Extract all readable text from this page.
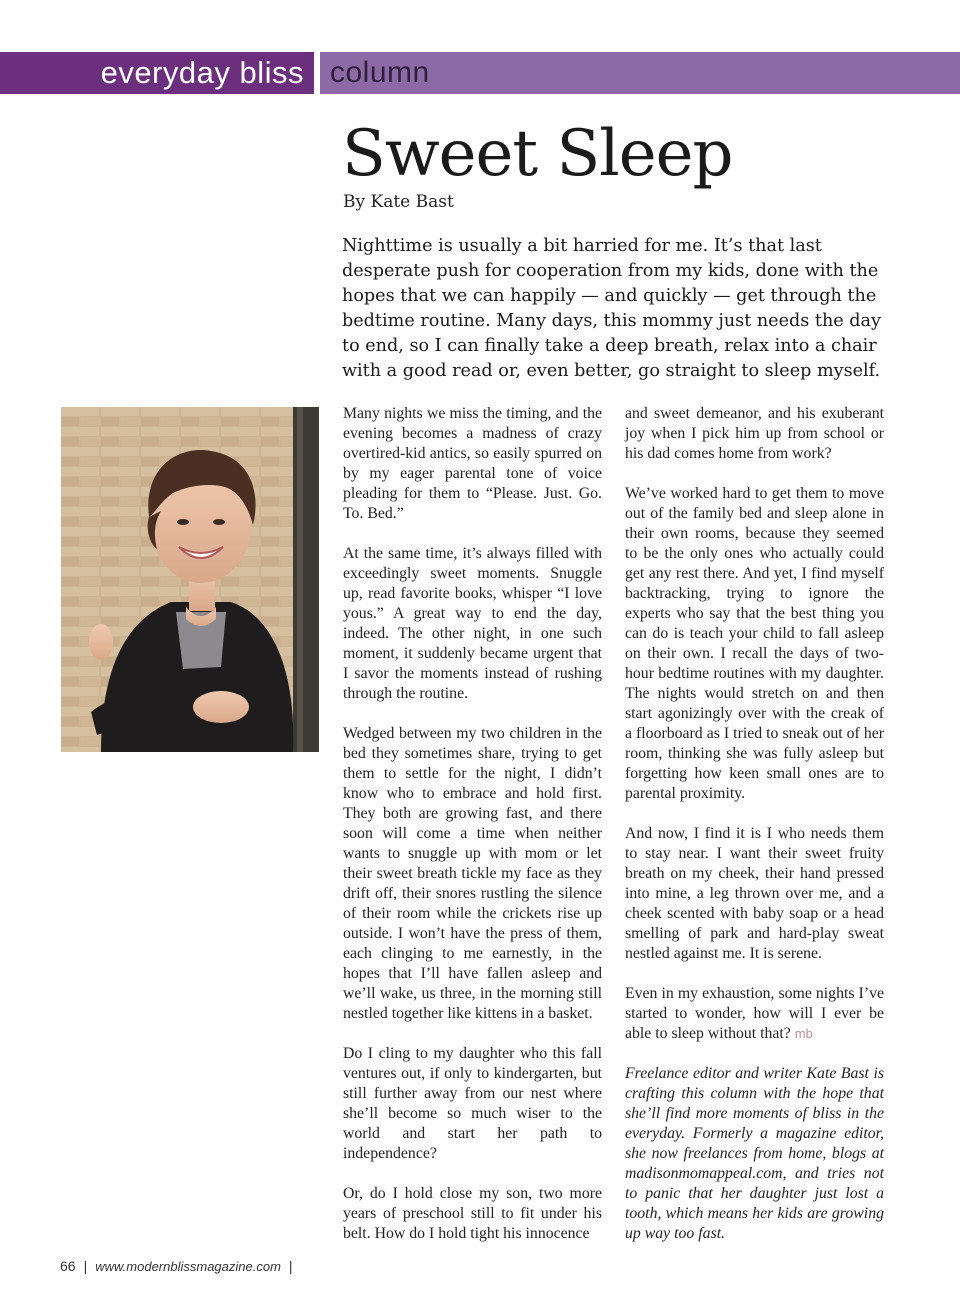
everyday bliss column
Sweet Sleep
By Kate Bast

Nighttime is usually a bit harried for me. It’s that last desperate push for cooperation from my kids, done with the hopes that we can happily — and quickly — get through the bedtime routine. Many days, this mommy just needs the day to end, so I can finally take a deep breath, relax into a chair with a good read or, even better, go straight to sleep myself.

Many nights we miss the timing, and the evening becomes a madness of crazy overtired-kid antics, so easily spurred on by my eager parental tone of voice pleading for them to “Please. Just. Go. To. Bed.”

At the same time, it’s always filled with exceedingly sweet moments. Snuggle up, read favorite books, whisper “I love yous.” A great way to end the day, indeed. The other night, in one such moment, it suddenly became urgent that I savor the moments instead of rushing through the routine.

Wedged between my two children in the bed they sometimes share, trying to get them to settle for the night, I didn’t know who to embrace and hold first. They both are growing fast, and there soon will come a time when neither wants to snuggle up with mom or let their sweet breath tickle my face as they drift off, their snores rustling the silence of their room while the crickets rise up outside. I won’t have the press of them, each clinging to me earnestly, in the hopes that I’ll have fallen asleep and we’ll wake, us three, in the morning still nestled together like kittens in a basket.

Do I cling to my daughter who this fall ventures out, if only to kindergarten, but still further away from our nest where she’ll become so much wiser to the world and start her path to independence?

Or, do I hold close my son, two more years of preschool still to fit under his belt. How do I hold tight his innocence

and sweet demeanor, and his exuberant joy when I pick him up from school or his dad comes home from work?

We’ve worked hard to get them to move out of the family bed and sleep alone in their own rooms, because they seemed to be the only ones who actually could get any rest there. And yet, I find myself backtracking, trying to ignore the experts who say that the best thing you can do is teach your child to fall asleep on their own. I recall the days of two-hour bedtime routines with my daughter. The nights would stretch on and then start agonizingly over with the creak of a floorboard as I tried to sneak out of her room, thinking she was fully asleep but forgetting how keen small ones are to parental proximity.

And now, I find it is I who needs them to stay near. I want their sweet fruity breath on my cheek, their hand pressed into mine, a leg thrown over me, and a cheek scented with baby soap or a head smelling of park and hard-play sweat nestled against me. It is serene.

Even in my exhaustion, some nights I’ve started to wonder, how will I ever be able to sleep without that? mb

Freelance editor and writer Kate Bast is crafting this column with the hope that she’ll find more moments of bliss in the everyday. Formerly a magazine editor, she now freelances from home, blogs at madisonmomappeal.com, and tries not to panic that her daughter just lost a tooth, which means her kids are growing up way too fast.

66 | www.modernblissmagazine.com |
